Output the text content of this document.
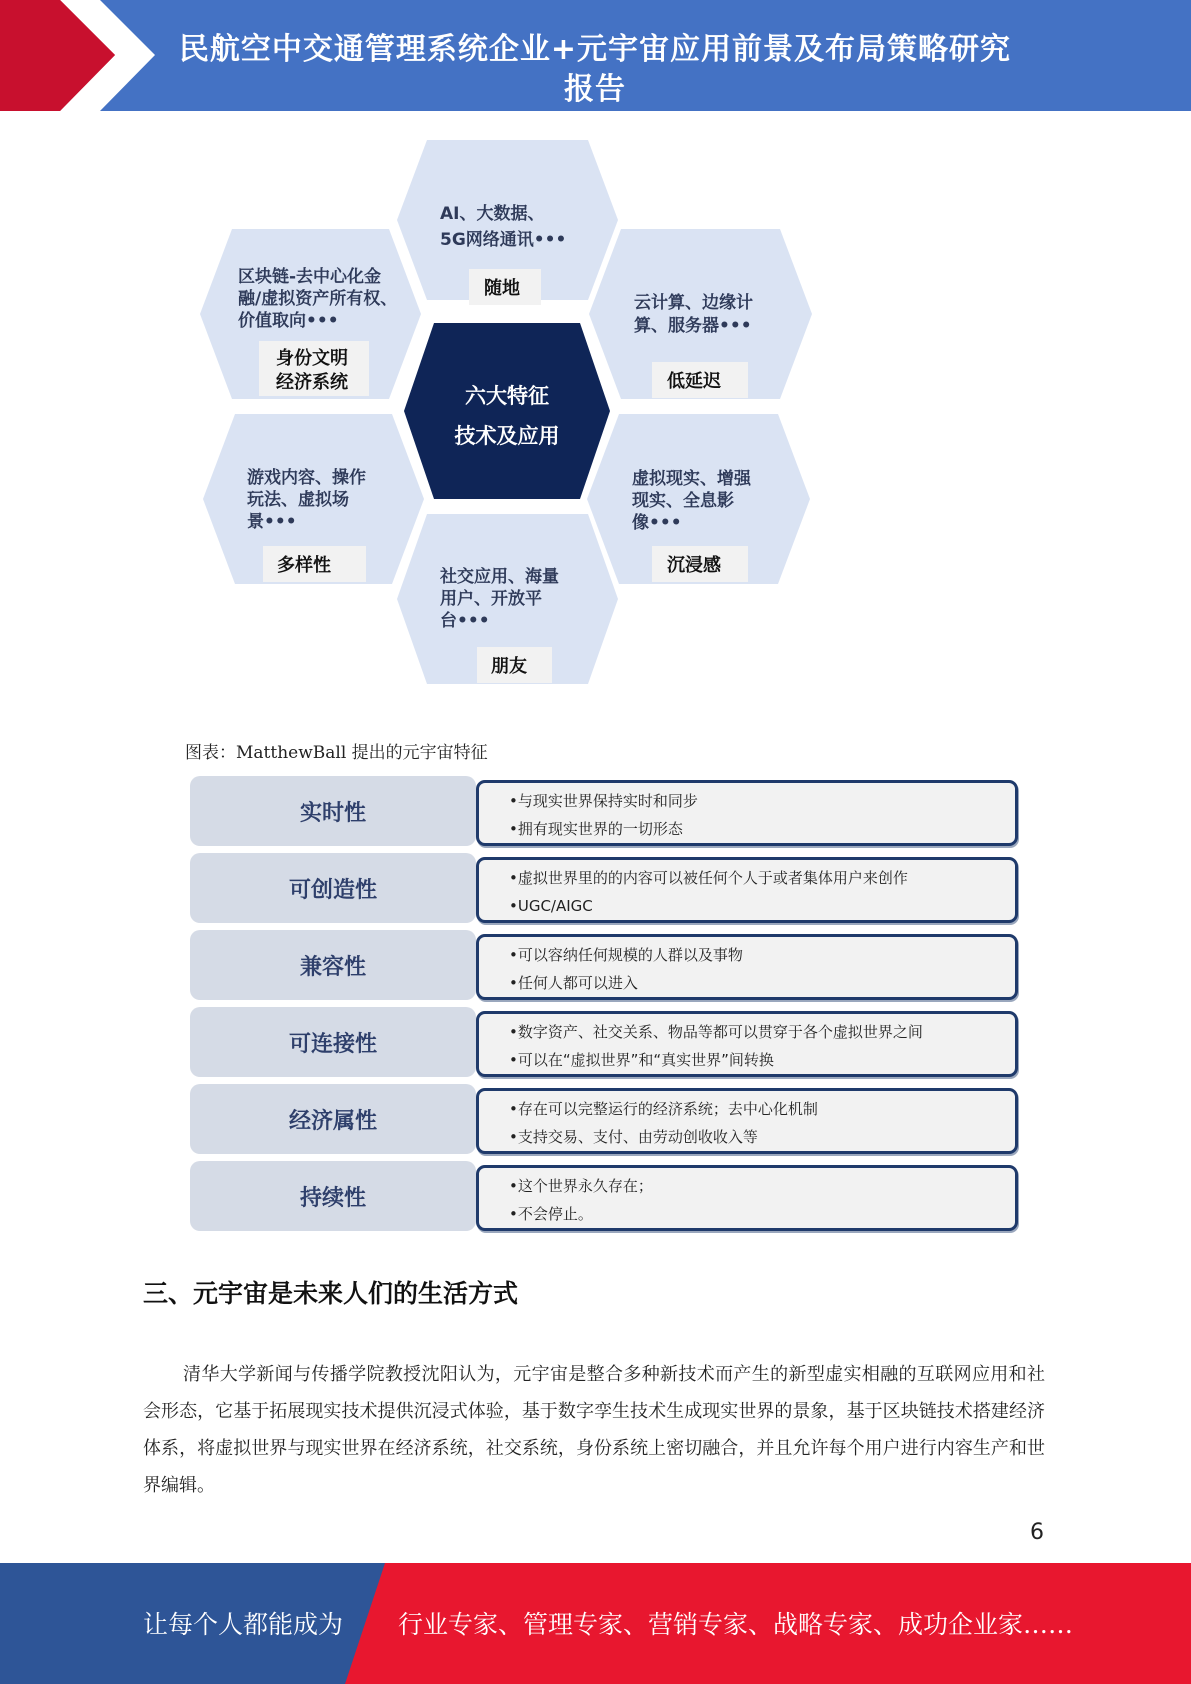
民航空中交通管理系统企业+元宇宙应用前景及布局策略研究
报告
AI、大数据、
5G网络通讯•••
随地
区块链-去中心化金
融/虚拟资产所有权、
价值取向•••
身份文明
经济系统
云计算、边缘计
算、服务器•••
低延迟
六大特征
技术及应用
游戏内容、操作
玩法、虚拟场
景•••
多样性
虚拟现实、增强
现实、全息影
像•••
沉浸感
社交应用、海量
用户、开放平
台•••
朋友
图表：MatthewBall 提出的元宇宙特征
实时性	•与现实世界保持实时和同步
•拥有现实世界的一切形态
可创造性	•虚拟世界里的的内容可以被任何个人于或者集体用户来创作
•UGC/AIGC
兼容性	•可以容纳任何规模的人群以及事物
•任何人都可以进入
可连接性	•数字资产、社交关系、物品等都可以贯穿于各个虚拟世界之间
•可以在“虚拟世界”和“真实世界”间转换
经济属性	•存在可以完整运行的经济系统；去中心化机制
•支持交易、支付、由劳动创收收入等
持续性	•这个世界永久存在；
•不会停止。
三、元宇宙是未来人们的生活方式
清华大学新闻与传播学院教授沈阳认为，元宇宙是整合多种新技术而产生的新型虚实相融的互联网应用和社会形态，它基于拓展现实技术提供沉浸式体验，基于数字孪生技术生成现实世界的景象，基于区块链技术搭建经济体系，将虚拟世界与现实世界在经济系统，社交系统，身份系统上密切融合，并且允许每个用户进行内容生产和世界编辑。
6
让每个人都能成为 行业专家、管理专家、营销专家、战略专家、成功企业家……
